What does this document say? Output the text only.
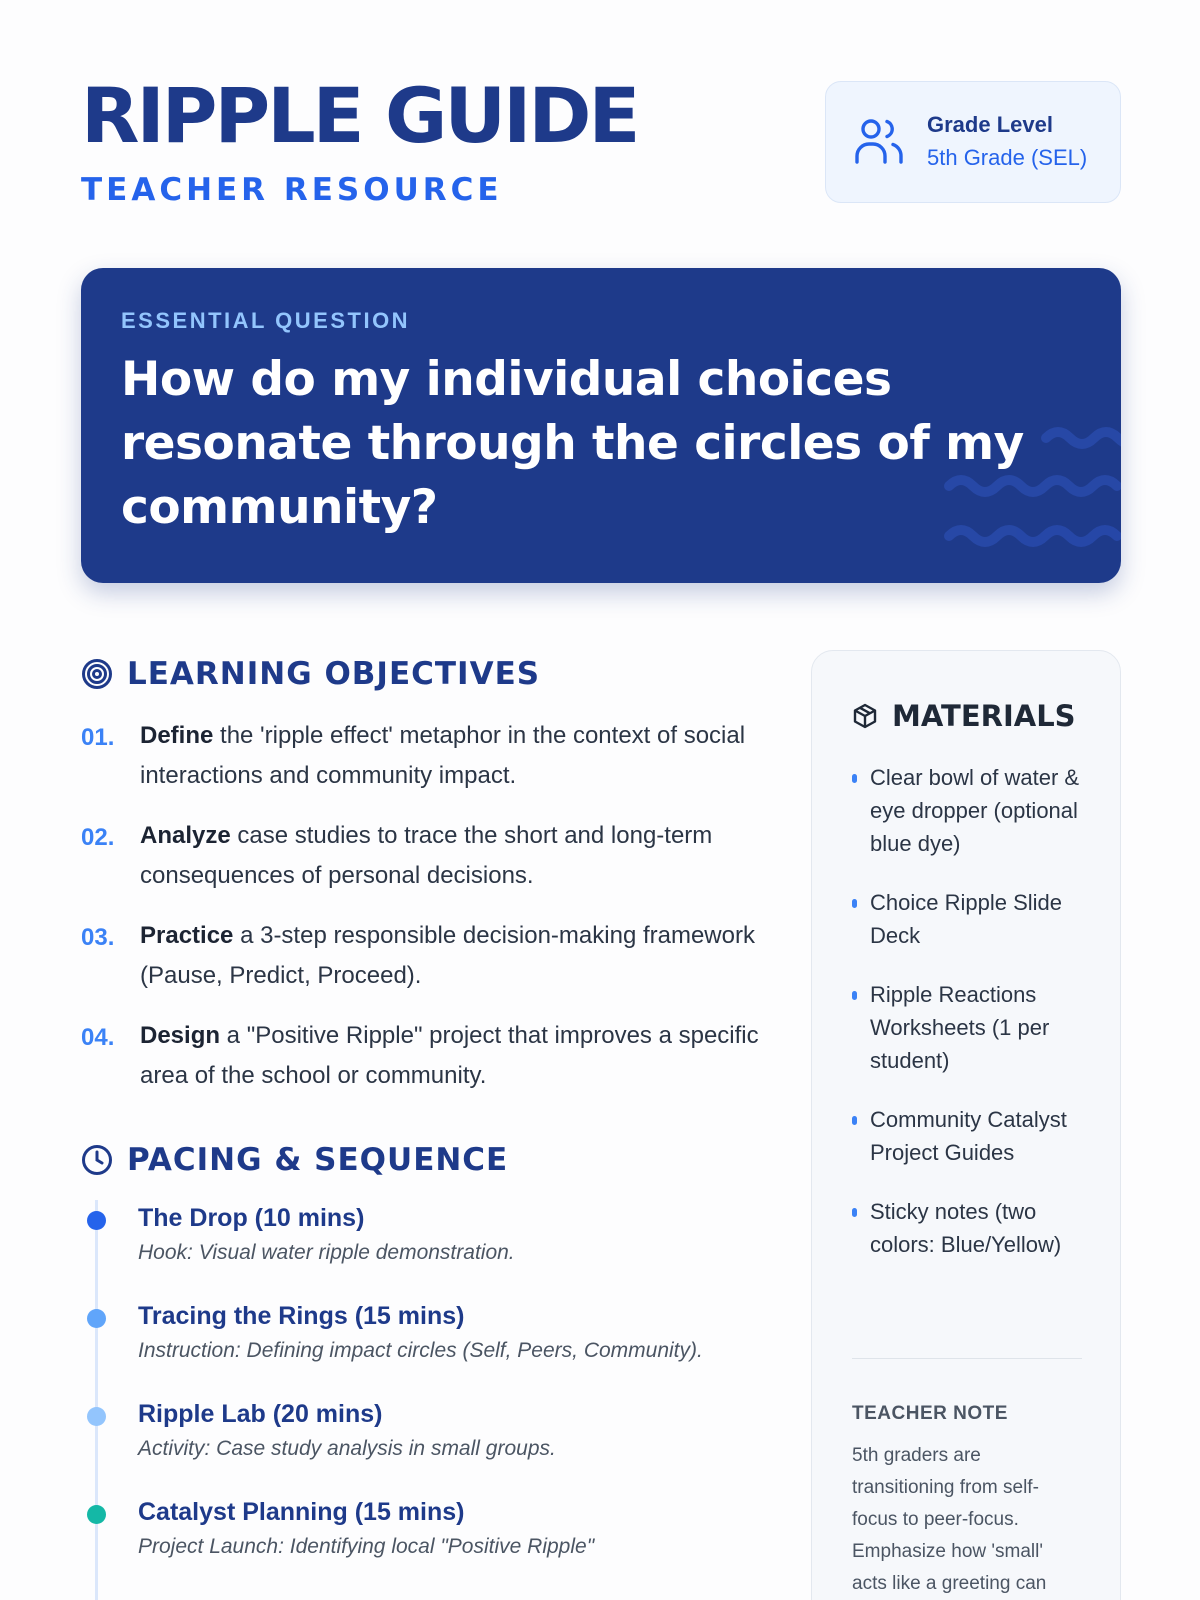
RIPPLE GUIDE
TEACHER RESOURCE
Grade Level
5th Grade (SEL)
ESSENTIAL QUESTION
How do my individual choices resonate through the circles of my community?
LEARNING OBJECTIVES
01.	Define the 'ripple effect' metaphor in the context of social interactions and community impact.
02.	Analyze case studies to trace the short and long-term consequences of personal decisions.
03.	Practice a 3-step responsible decision-making framework (Pause, Predict, Proceed).
04.	Design a "Positive Ripple" project that improves a specific area of the school or community.
PACING & SEQUENCE
The Drop (10 mins)
Hook: Visual water ripple demonstration.
Tracing the Rings (15 mins)
Instruction: Defining impact circles (Self, Peers, Community).
Ripple Lab (20 mins)
Activity: Case study analysis in small groups.
Catalyst Planning (15 mins)
Project Launch: Identifying local "Positive Ripple"
MATERIALS
Clear bowl of water & eye dropper (optional blue dye)
Choice Ripple Slide Deck
Ripple Reactions Worksheets (1 per student)
Community Catalyst Project Guides
Sticky notes (two colors: Blue/Yellow)
TEACHER NOTE
5th graders are transitioning from self-focus to peer-focus. Emphasize how 'small' acts like a greeting can
